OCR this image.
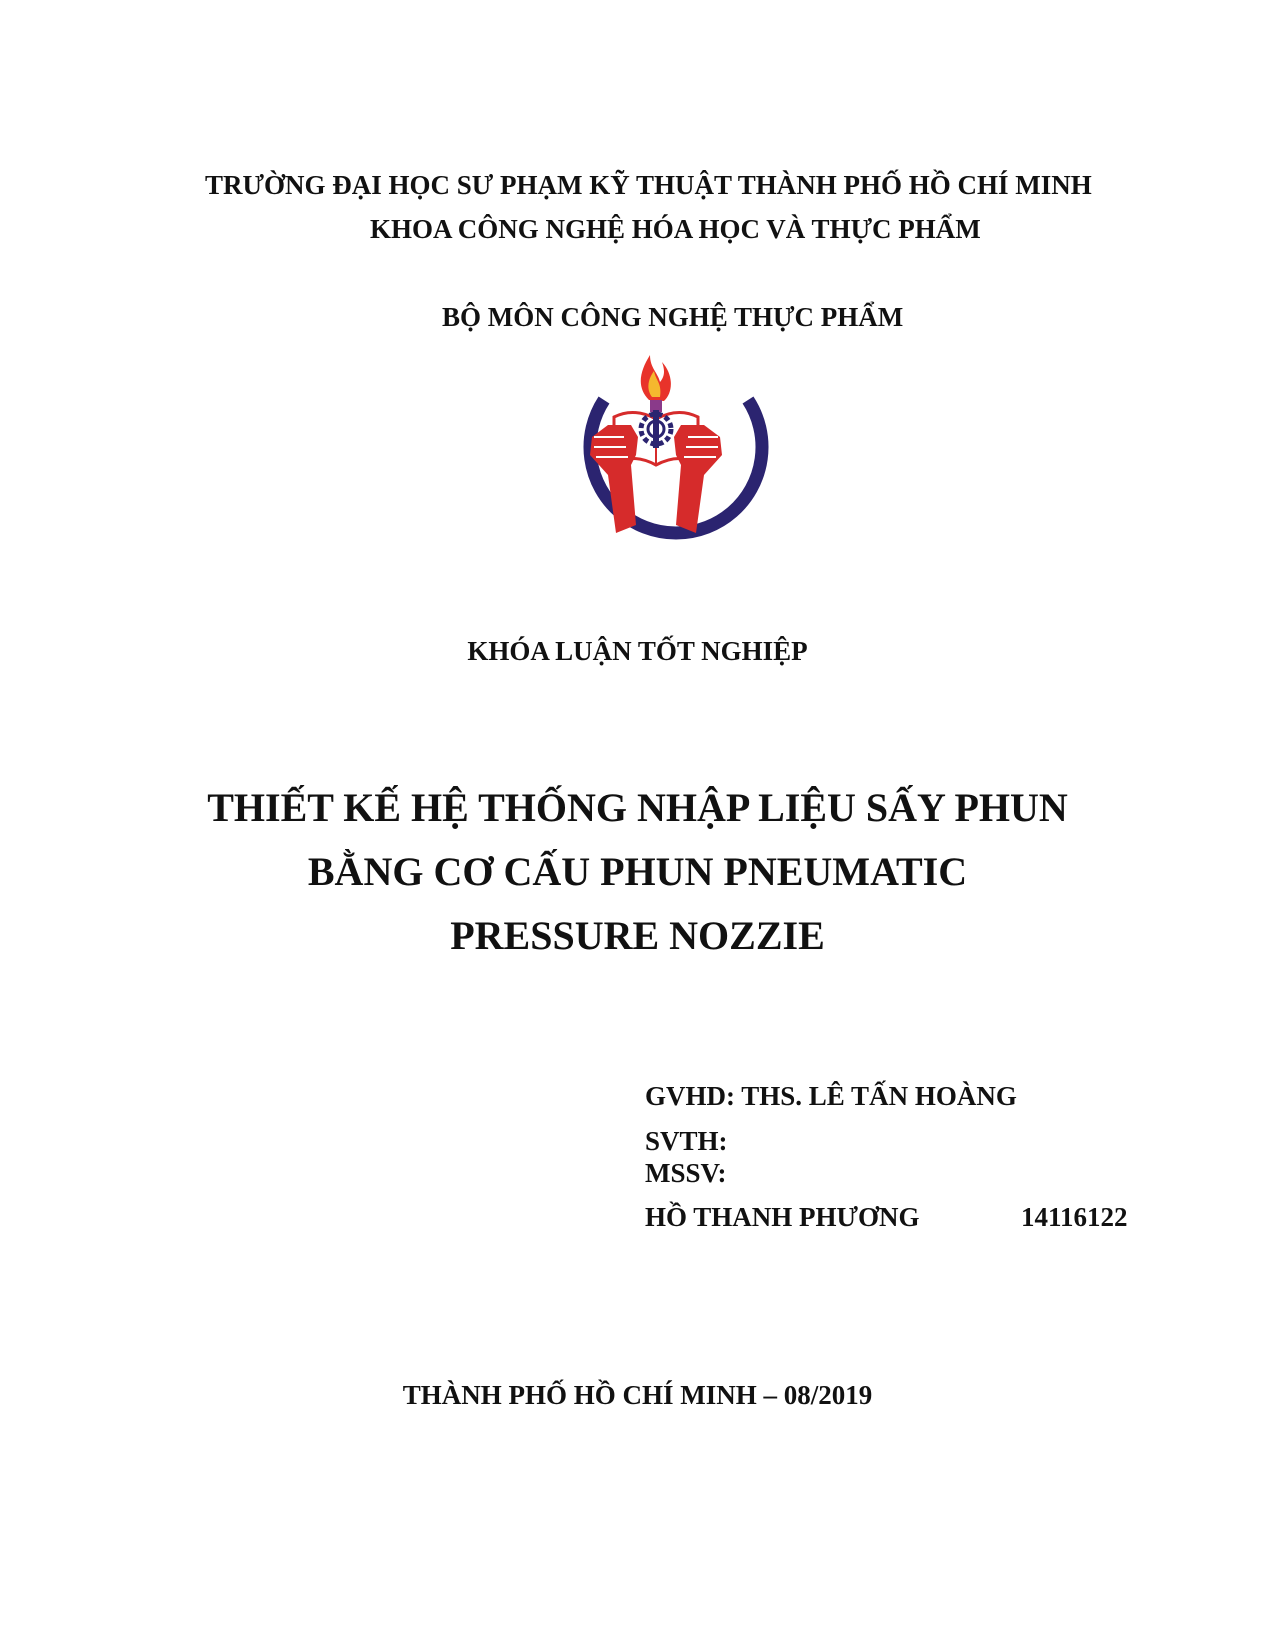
TRƯỜNG ĐẠI HỌC SƯ PHẠM KỸ THUẬT THÀNH PHỐ HỒ CHÍ MINH
KHOA CÔNG NGHỆ HÓA HỌC VÀ THỰC PHẨM
BỘ MÔN CÔNG NGHỆ THỰC PHẨM
KHÓA LUẬN TỐT NGHIỆP
THIẾT KẾ HỆ THỐNG NHẬP LIỆU SẤY PHUN
BẰNG CƠ CẤU PHUN PNEUMATIC
PRESSURE NOZZIE
GVHD: THS. LÊ TẤN HOÀNG
SVTH:
MSSV:
HỒ THANH PHƯƠNG	14116122
THÀNH PHỐ HỒ CHÍ MINH – 08/2019
